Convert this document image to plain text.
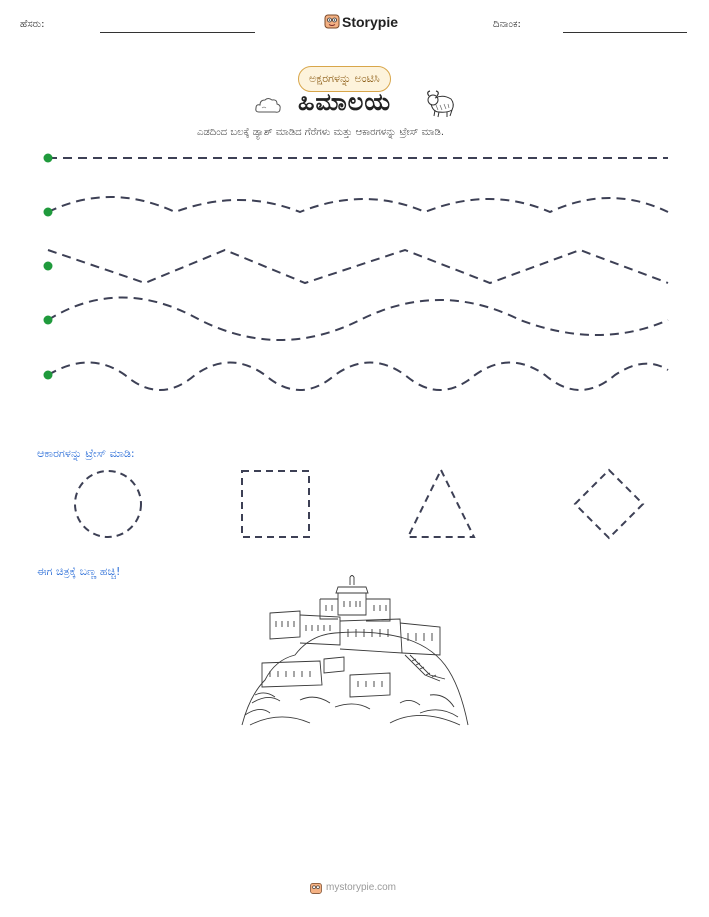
ಹೆಸರು:	Storypie	ದಿನಾಂಕ:
ಅಕ್ಷರಗಳನ್ನು ಅಂಟಿಸಿ
ಹಿಮಾಲಯ
ಎಡದಿಂದ ಬಲಕ್ಕೆ ಡ್ಯಾಶ್ ಮಾಡಿದ ಗೆರೆಗಳು ಮತ್ತು ಆಕಾರಗಳನ್ನು ಟ್ರೇಸ್ ಮಾಡಿ.
ಆಕಾರಗಳನ್ನು ಟ್ರೇಸ್ ಮಾಡಿ:
ಈಗ ಚಿತ್ರಕ್ಕೆ ಬಣ್ಣ ಹಚ್ಚಿ!
mystorypie.com
